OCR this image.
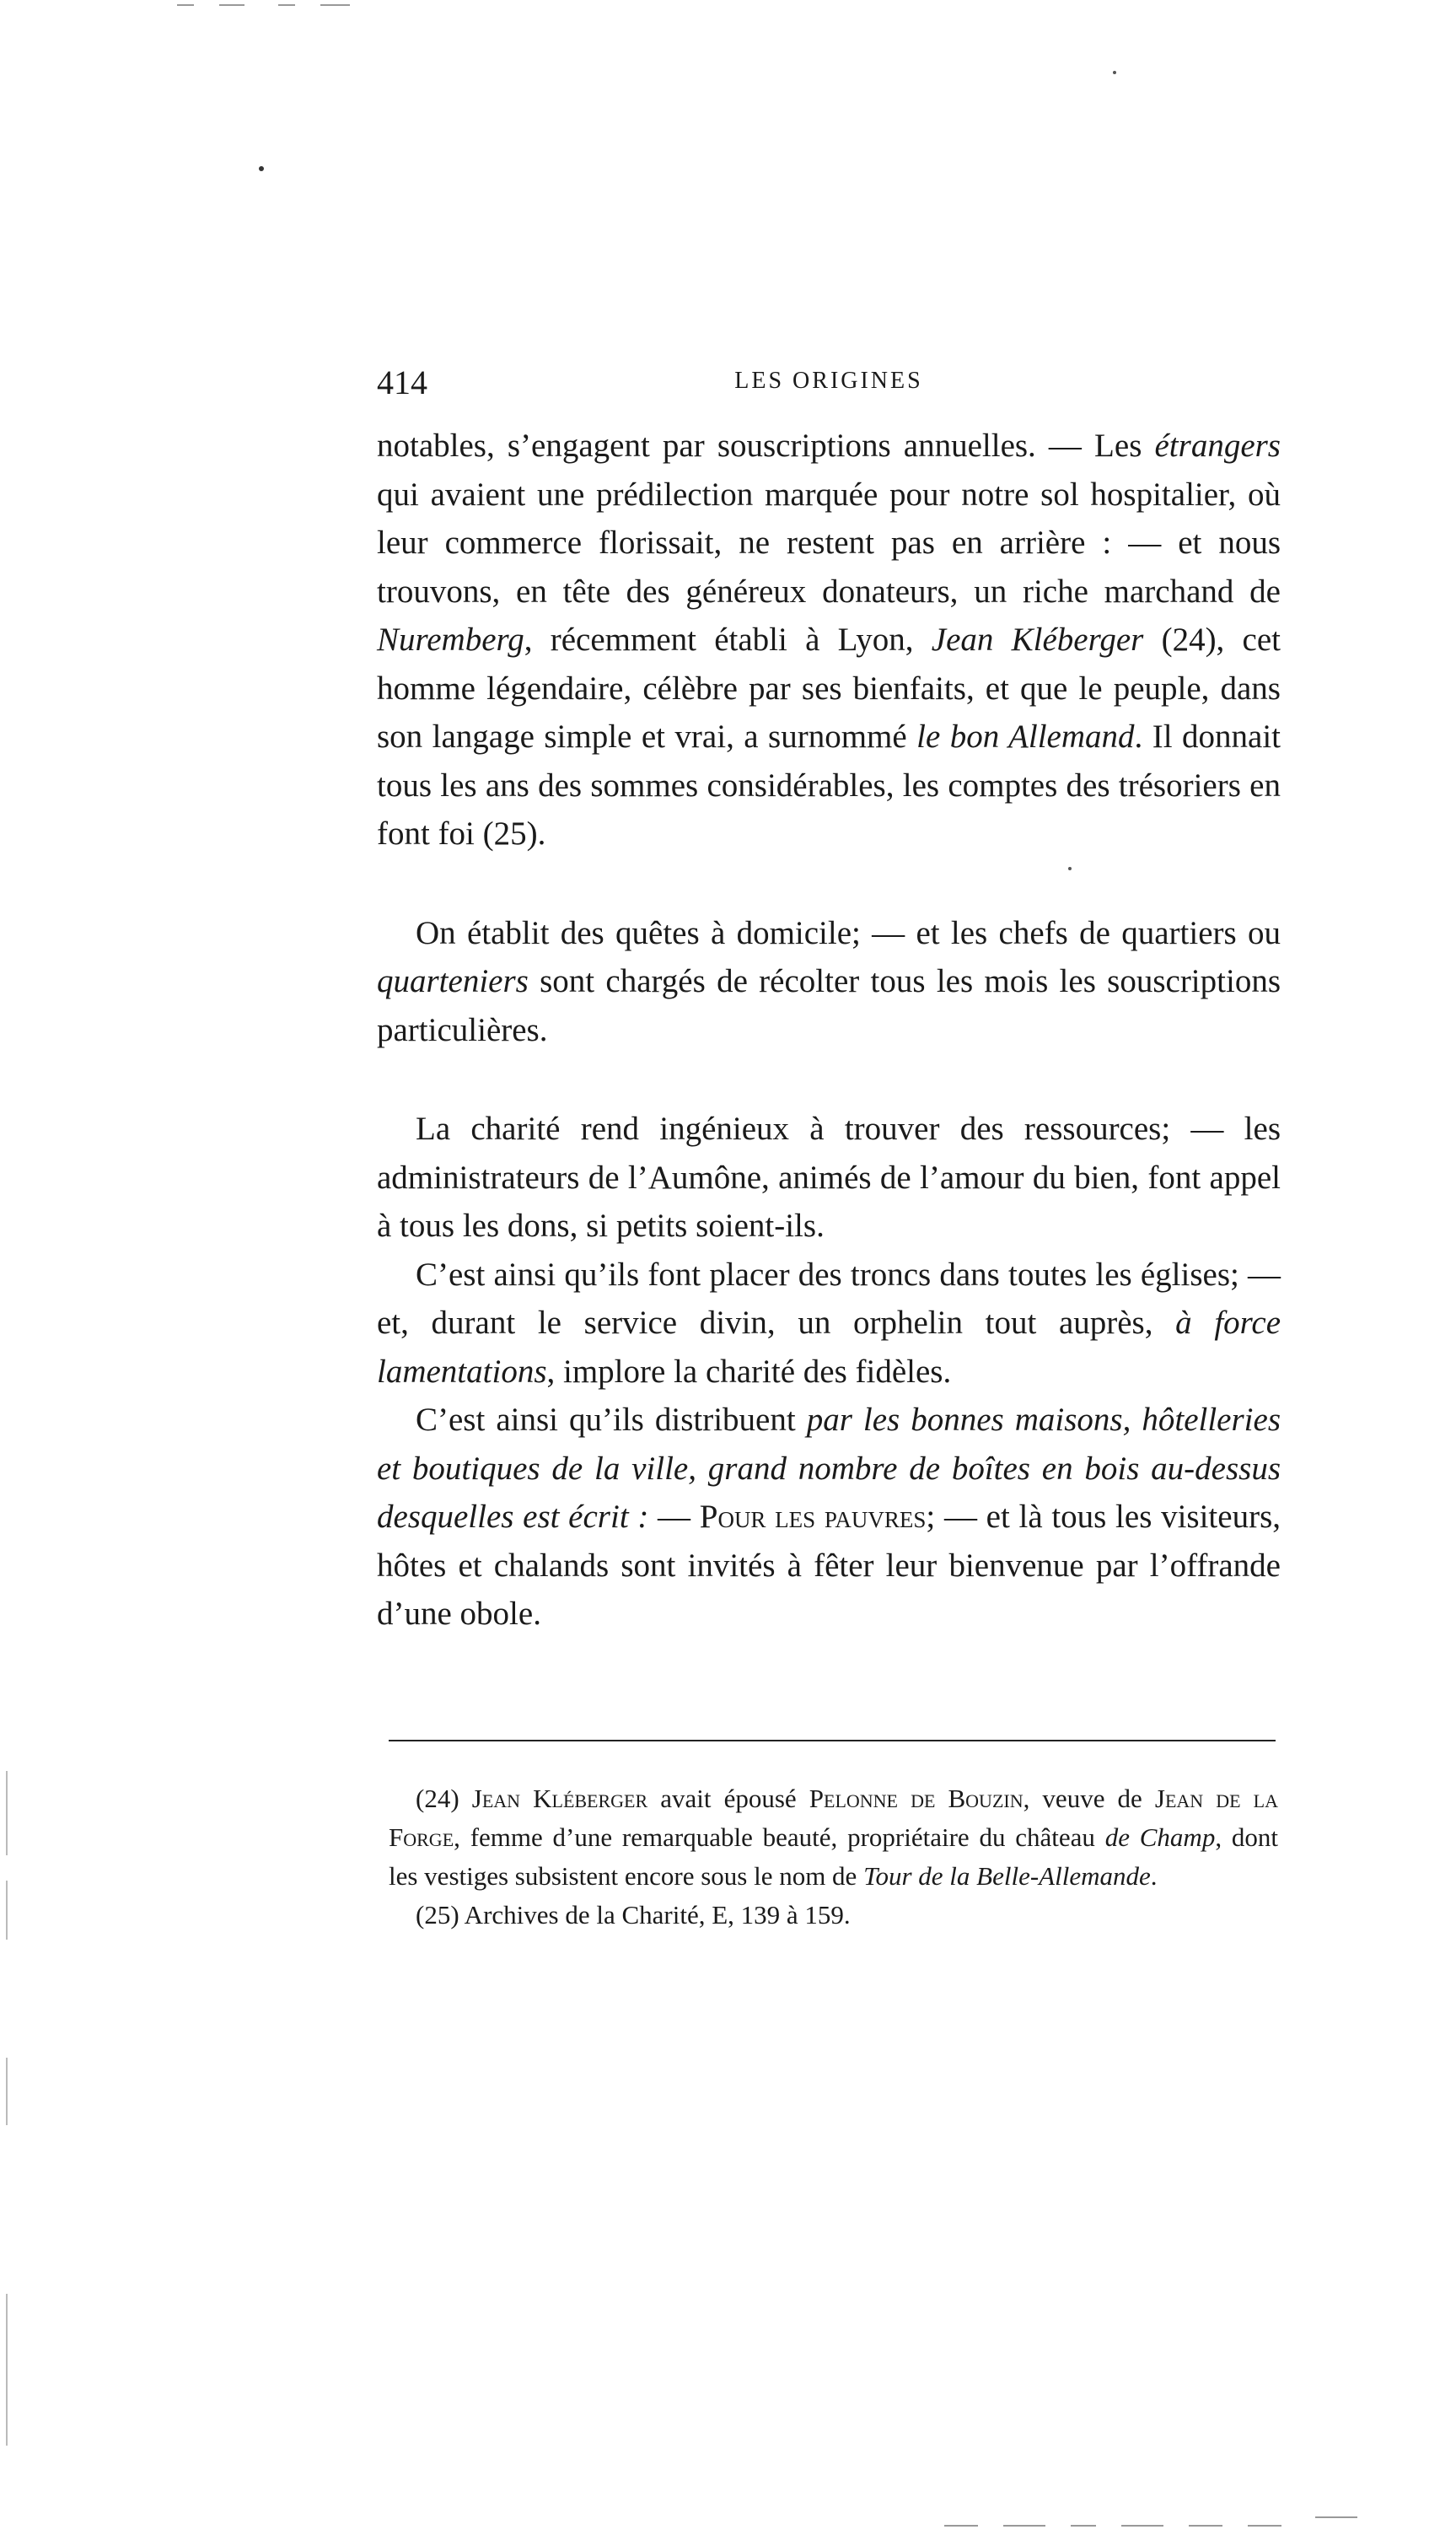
414	LES ORIGINES

notables, s’engagent par souscriptions annuelles. — Les étrangers qui avaient une prédilection marquée pour notre sol hospitalier, où leur commerce florissait, ne restent pas en arrière : — et nous trouvons, en tête des généreux donateurs, un riche marchand de Nuremberg, récemment établi à Lyon, Jean Kléberger (24), cet homme légendaire, célèbre par ses bienfaits, et que le peuple, dans son langage simple et vrai, a surnommé le bon Allemand. Il donnait tous les ans des sommes considérables, les comptes des trésoriers en font foi (25).

On établit des quêtes à domicile; — et les chefs de quartiers ou quarteniers sont chargés de récolter tous les mois les souscriptions particulières.

La charité rend ingénieux à trouver des ressources; — les administrateurs de l’Aumône, animés de l’amour du bien, font appel à tous les dons, si petits soient-ils.

C’est ainsi qu’ils font placer des troncs dans toutes les églises; — et, durant le service divin, un orphelin tout auprès, à force lamentations, implore la charité des fidèles.

C’est ainsi qu’ils distribuent par les bonnes maisons, hôtelleries et boutiques de la ville, grand nombre de boîtes en bois au-dessus desquelles est écrit : — Pour les pauvres; — et là tous les visiteurs, hôtes et chalands sont invités à fêter leur bienvenue par l’offrande d’une obole.

(24) Jean Kléberger avait épousé Pelonne de Bouzin, veuve de Jean de la Forge, femme d’une remarquable beauté, propriétaire du château de Champ, dont les vestiges subsistent encore sous le nom de Tour de la Belle-Allemande.

(25) Archives de la Charité, E, 139 à 159.
